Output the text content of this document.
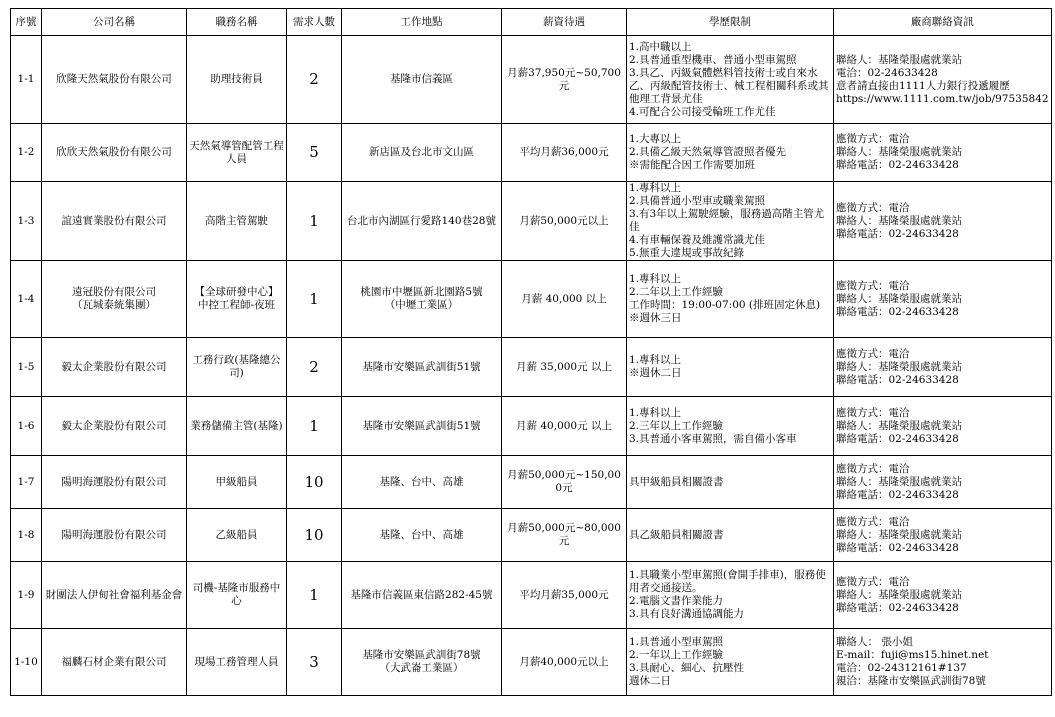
序號	公司名稱	職務名稱	需求人數	工作地點	薪資待遇	學歷限制	廠商聯絡資訊
1-1	欣隆天然氣股份有限公司	助理技術員	2	基隆市信義區	月薪37,950元~50,700元	1.高中職以上
2.具普通重型機車、普通小型車駕照
3.具乙、丙級氣體燃料管技術士或自來水乙、丙級配管技術士、械工程相關科系或其他理工背景尤佳
4.可配合公司接受輪班工作尤佳	聯絡人：基隆榮服處就業站
電洽：02-24633428
意者請直接由1111人力銀行投遞履歷
https://www.1111.com.tw/job/97535842

1-2	欣欣天然氣股份有限公司	天然氣導管配管工程人員	5	新店區及台北市文山區	平均月薪36,000元	1.大專以上
2.具備乙級天然氣導管證照者優先
※需能配合因工作需要加班	應徵方式：電洽
聯絡人：基隆榮服處就業站
聯絡電話：02-24633428

1-3	誼遠實業股份有限公司	高階主管駕駛	1	台北市內湖區行愛路140巷28號	月薪50,000元以上	1.專科以上
2.具備普通小型車或職業駕照
3.有3年以上駕駛經驗，服務過高階主管尤佳
4.有車輛保養及維護常識尤佳
5.無重大違規或事故紀錄	應徵方式：電洽
聯絡人：基隆榮服處就業站
聯絡電話：02-24633428

1-4	遠冠股份有限公司
（瓦城泰統集團）	【全球研發中心】
中控工程師-夜班	1	桃園市中壢區新北園路5號
（中壢工業區）	月薪 40,000 以上	1.專科以上
2.二年以上工作經驗
工作時間：19:00-07:00 (排班固定休息)
※週休三日	應徵方式：電洽
聯絡人：基隆榮服處就業站
聯絡電話：02-24633428

1-5	毅太企業股份有限公司	工務行政(基隆總公司)	2	基隆市安樂區武訓街51號	月薪 35,000元 以上	1.專科以上
※週休二日	應徵方式：電洽
聯絡人：基隆榮服處就業站
聯絡電話：02-24633428

1-6	毅太企業股份有限公司	業務儲備主管(基隆)	1	基隆市安樂區武訓街51號	月薪 40,000元 以上	1.專科以上
2.三年以上工作經驗
3.具普通小客車駕照，需自備小客車	應徵方式：電洽
聯絡人：基隆榮服處就業站
聯絡電話：02-24633428

1-7	陽明海運股份有限公司	甲級船員	10	基隆、台中、高雄	月薪50,000元~150,000元	具甲級船員相關證書	應徵方式：電洽
聯絡人：基隆榮服處就業站
聯絡電話：02-24633428

1-8	陽明海運股份有限公司	乙級船員	10	基隆、台中、高雄	月薪50,000元~80,000元	具乙級船員相關證書	應徵方式：電洽
聯絡人：基隆榮服處就業站
聯絡電話：02-24633428

1-9	財團法人伊甸社會福利基金會	司機-基隆市服務中心	1	基隆市信義區東信路282-45號	平均月薪35,000元	1.具職業小型車駕照(會開手排車)，服務使用者交通接送。
2.電腦文書作業能力
3.具有良好溝通協調能力	應徵方式：電洽
聯絡人：基隆榮服處就業站
聯絡電話：02-24633428

1-10	福麟石材企業有限公司	現場工務管理人員	3	基隆市安樂區武訓街78號
（大武崙工業區）	月薪40,000元以上	1.具普通小型車駕照
2.一年以上工作經驗
3.具耐心、細心、抗壓性
週休二日	聯絡人： 張小姐
E-mail：fuji@ms15.hinet.net
電洽：02-24312161#137
親洽：基隆市安樂區武訓街78號
